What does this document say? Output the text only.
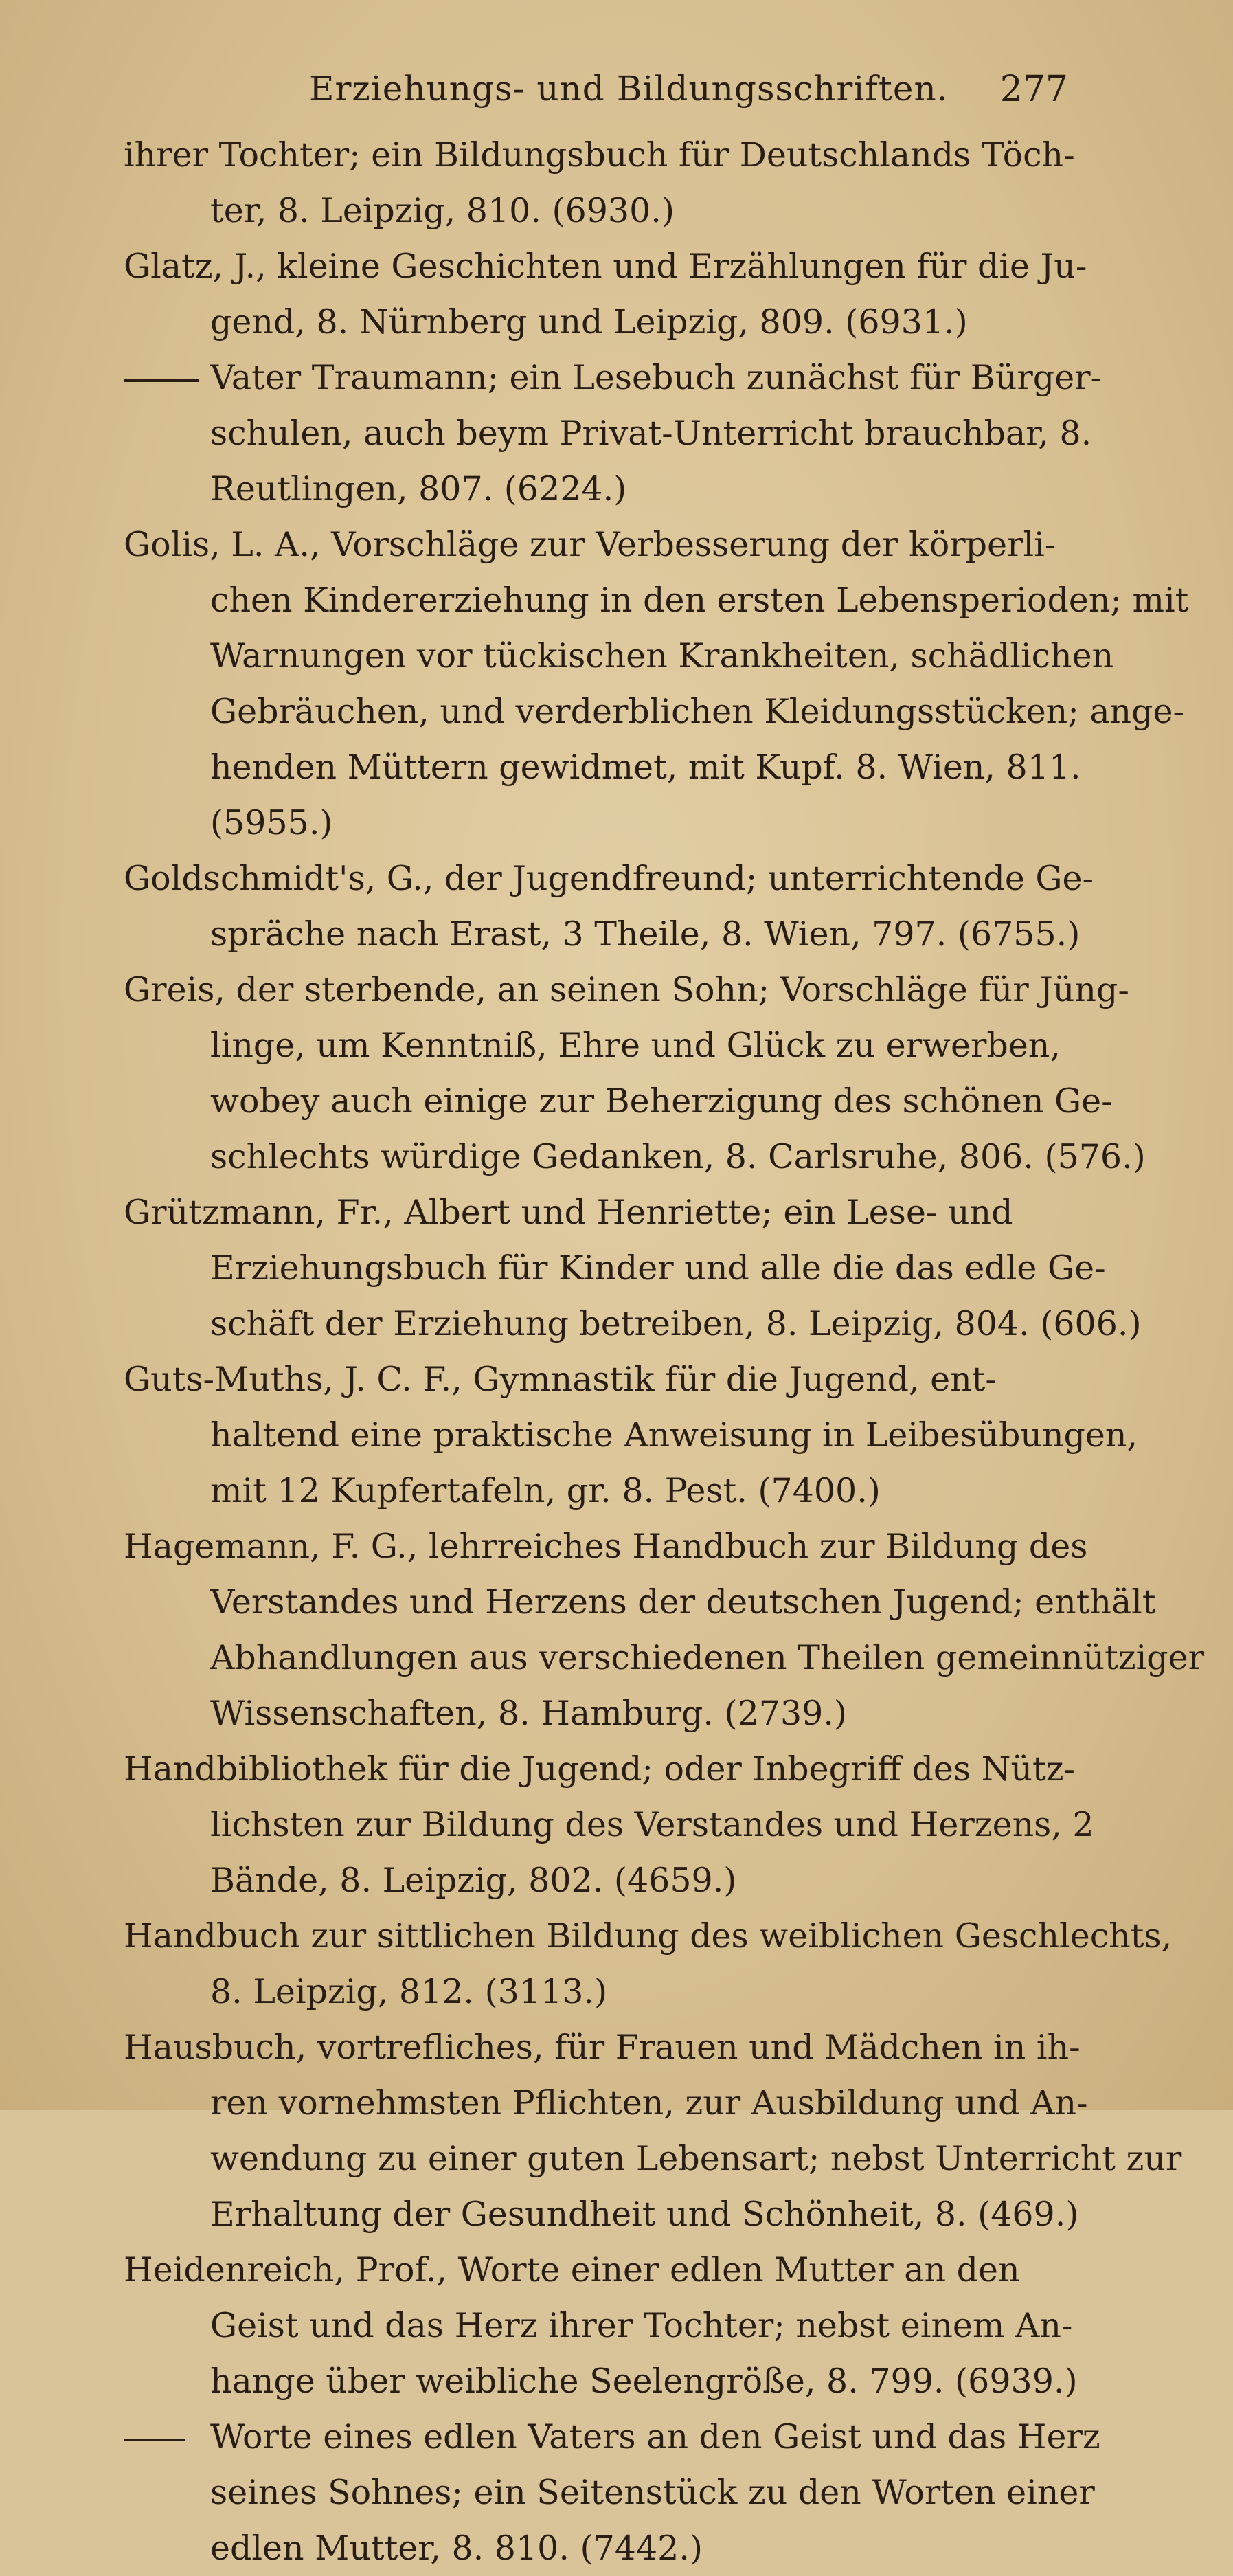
Erziehungs- und Bildungsschriften. 277
ihrer Tochter; ein Bildungsbuch für Deutschlands Töch-
ter, 8. Leipzig, 810. (6930.)
Glatz, J., kleine Geschichten und Erzählungen für die Ju-
gend, 8. Nürnberg und Leipzig, 809. (6931.)
Vater Traumann; ein Lesebuch zunächst für Bürger-
schulen, auch beym Privat-Unterricht brauchbar, 8.
Reutlingen, 807. (6224.)
Golis, L. A., Vorschläge zur Verbesserung der körperli-
chen Kindererziehung in den ersten Lebensperioden; mit
Warnungen vor tückischen Krankheiten, schädlichen
Gebräuchen, und verderblichen Kleidungsstücken; ange-
henden Müttern gewidmet, mit Kupf. 8. Wien, 811.
(5955.)
Goldschmidt's, G., der Jugendfreund; unterrichtende Ge-
spräche nach Erast, 3 Theile, 8. Wien, 797. (6755.)
Greis, der sterbende, an seinen Sohn; Vorschläge für Jüng-
linge, um Kenntniß, Ehre und Glück zu erwerben,
wobey auch einige zur Beherzigung des schönen Ge-
schlechts würdige Gedanken, 8. Carlsruhe, 806. (576.)
Grützmann, Fr., Albert und Henriette; ein Lese- und
Erziehungsbuch für Kinder und alle die das edle Ge-
schäft der Erziehung betreiben, 8. Leipzig, 804. (606.)
Guts-Muths, J. C. F., Gymnastik für die Jugend, ent-
haltend eine praktische Anweisung in Leibesübungen,
mit 12 Kupfertafeln, gr. 8. Pest. (7400.)
Hagemann, F. G., lehrreiches Handbuch zur Bildung des
Verstandes und Herzens der deutschen Jugend; enthält
Abhandlungen aus verschiedenen Theilen gemeinnütziger
Wissenschaften, 8. Hamburg. (2739.)
Handbibliothek für die Jugend; oder Inbegriff des Nütz-
lichsten zur Bildung des Verstandes und Herzens, 2
Bände, 8. Leipzig, 802. (4659.)
Handbuch zur sittlichen Bildung des weiblichen Geschlechts,
8. Leipzig, 812. (3113.)
Hausbuch, vortrefliches, für Frauen und Mädchen in ih-
ren vornehmsten Pflichten, zur Ausbildung und An-
wendung zu einer guten Lebensart; nebst Unterricht zur
Erhaltung der Gesundheit und Schönheit, 8. (469.)
Heidenreich, Prof., Worte einer edlen Mutter an den
Geist und das Herz ihrer Tochter; nebst einem An-
hange über weibliche Seelengröße, 8. 799. (6939.)
Worte eines edlen Vaters an den Geist und das Herz
seines Sohnes; ein Seitenstück zu den Worten einer
edlen Mutter, 8. 810. (7442.)
